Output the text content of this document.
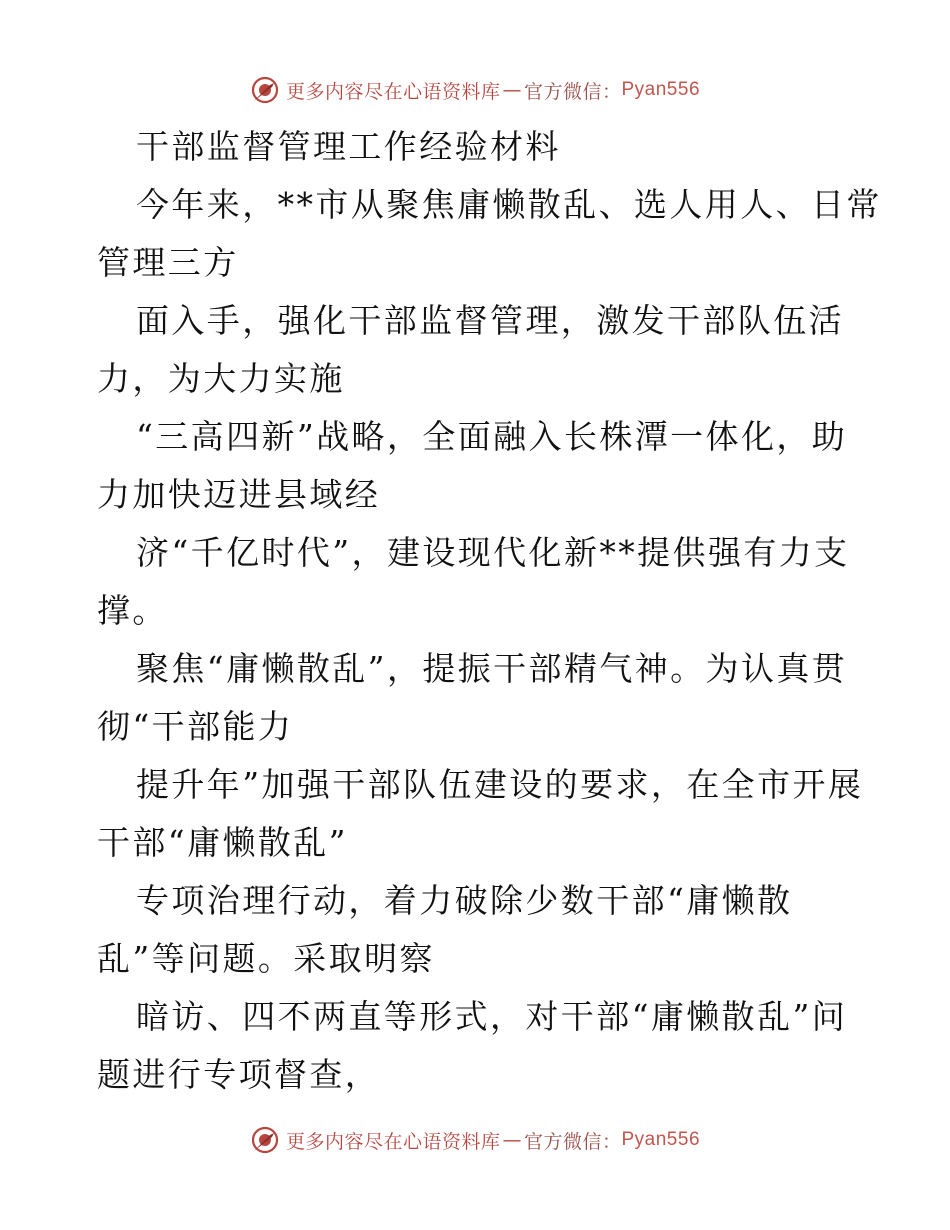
更多内容尽在心语资料库 — 官方微信： Pyan556
干部监督管理工作经验材料
今年来，**市从聚焦庸懒散乱、选人用人、日常
管理三方
面入手，强化干部监督管理，激发干部队伍活
力，为大力实施
“三高四新”战略，全面融入长株潭一体化，助
力加快迈进县域经
济“千亿时代”，建设现代化新**提供强有力支
撑。
聚焦“庸懒散乱”，提振干部精气神。为认真贯
彻“干部能力
提升年”加强干部队伍建设的要求，在全市开展
干部“庸懒散乱”
专项治理行动，着力破除少数干部“庸懒散
乱”等问题。采取明察
暗访、四不两直等形式，对干部“庸懒散乱”问
题进行专项督查，
更多内容尽在心语资料库 — 官方微信： Pyan556
